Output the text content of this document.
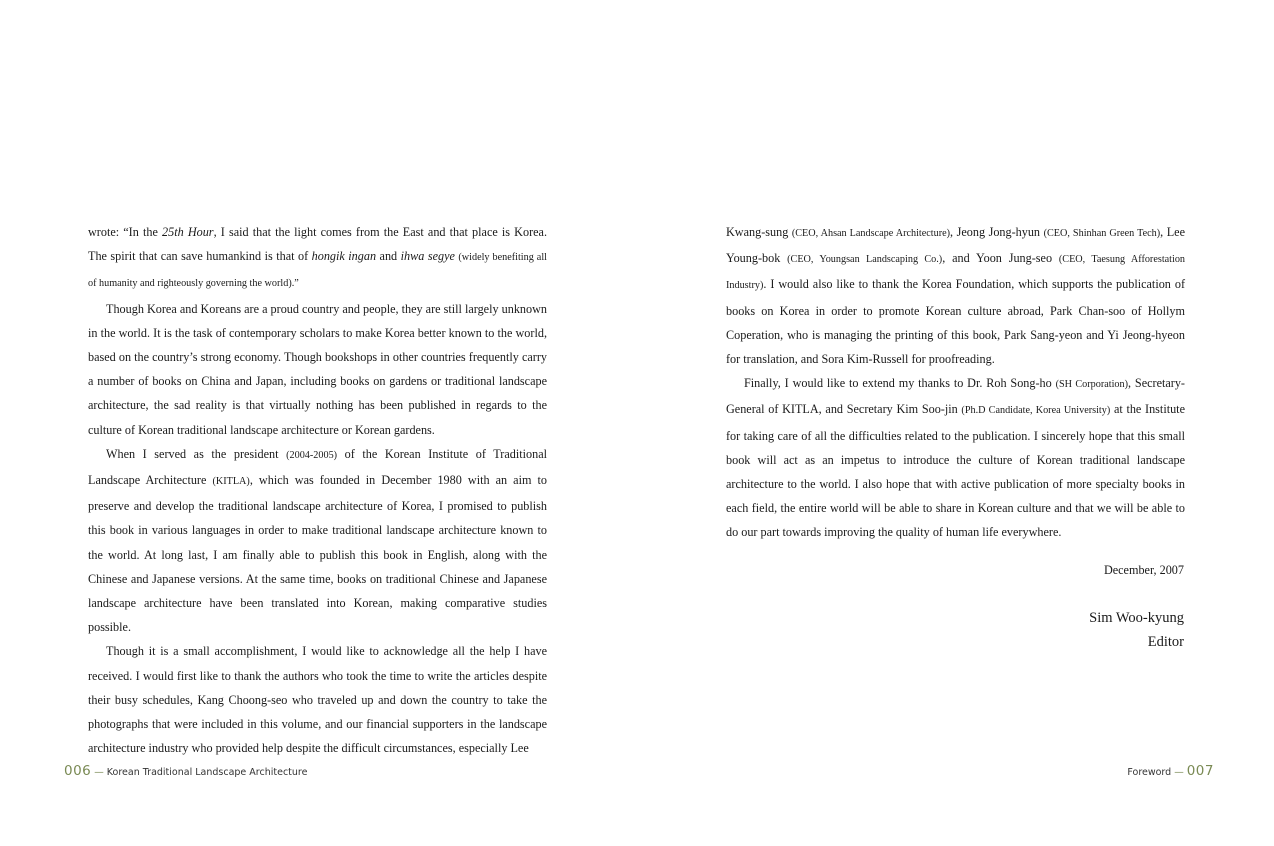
wrote: “In the 25th Hour, I said that the light comes from the East and that place is Korea. The spirit that can save humankind is that of hongik ingan and ihwa segye (widely benefiting all of humanity and righteously governing the world).”

Though Korea and Koreans are a proud country and people, they are still largely unknown in the world. It is the task of contemporary scholars to make Korea better known to the world, based on the country’s strong economy. Though bookshops in other countries frequently carry a number of books on China and Japan, including books on gardens or traditional landscape architecture, the sad reality is that virtually nothing has been published in regards to the culture of Korean traditional landscape architecture or Korean gardens.

When I served as the president (2004-2005) of the Korean Institute of Traditional Landscape Architecture (KITLA), which was founded in December 1980 with an aim to preserve and develop the traditional landscape architecture of Korea, I promised to publish this book in various languages in order to make traditional landscape architecture known to the world. At long last, I am finally able to publish this book in English, along with the Chinese and Japanese versions. At the same time, books on traditional Chinese and Japanese landscape architecture have been translated into Korean, making comparative studies possible.

Though it is a small accomplishment, I would like to acknowledge all the help I have received. I would first like to thank the authors who took the time to write the articles despite their busy schedules, Kang Choong-seo who traveled up and down the country to take the photographs that were included in this volume, and our financial supporters in the landscape architecture industry who provided help despite the difficult circumstances, especially Lee

Kwang-sung (CEO, Ahsan Landscape Architecture), Jeong Jong-hyun (CEO, Shinhan Green Tech), Lee Young-bok (CEO, Youngsan Landscaping Co.), and Yoon Jung-seo (CEO, Taesung Afforestation Industry). I would also like to thank the Korea Foundation, which supports the publication of books on Korea in order to promote Korean culture abroad, Park Chan-soo of Hollym Coperation, who is managing the printing of this book, Park Sang-yeon and Yi Jeong-hyeon for translation, and Sora Kim-Russell for proofreading.

Finally, I would like to extend my thanks to Dr. Roh Song-ho (SH Corporation), Secretary-General of KITLA, and Secretary Kim Soo-jin (Ph.D Candidate, Korea University) at the Institute for taking care of all the difficulties related to the publication. I sincerely hope that this small book will act as an impetus to introduce the culture of Korean traditional landscape architecture to the world. I also hope that with active publication of more specialty books in each field, the entire world will be able to share in Korean culture and that we will be able to do our part towards improving the quality of human life everywhere.

December, 2007
Sim Woo-kyung
Editor
006 — Korean Traditional Landscape Architecture	Foreword — 007
